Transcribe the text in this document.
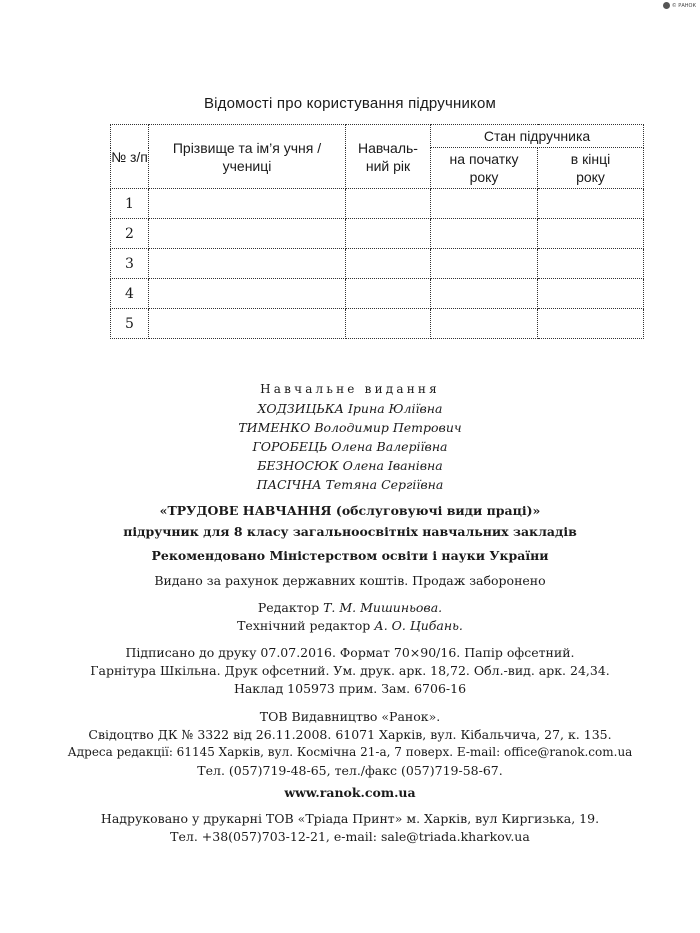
© РАНОК
Відомості про користування підручником
№ з/п	Прізвище та ім’я учня / учениці	Навчаль-ний рік	Стан підручника	
			на початку року	в кінці року
1				
2				
3				
4				
5				
Навчальне видання
ХОДЗИЦЬКА Ірина Юліївна
ТИМЕНКО Володимир Петрович
ГОРОБЕЦЬ Олена Валеріївна
БЕЗНОСЮК Олена Іванівна
ПАСІЧНА Тетяна Сергіївна
«ТРУДОВЕ НАВЧАННЯ (обслуговуючі види праці)»
підручник для 8 класу загальноосвітніх навчальних закладів
Рекомендовано Міністерством освіти і науки України
Видано за рахунок державних коштів. Продаж заборонено
Редактор Т. М. Мишиньова.
Технічний редактор А. О. Цибань.
Підписано до друку 07.07.2016. Формат 70×90/16. Папір офсетний.
Гарнітура Шкільна. Друк офсетний. Ум. друк. арк. 18,72. Обл.-вид. арк. 24,34.
Наклад 105973 прим. Зам. 6706-16
ТОВ Видавництво «Ранок».
Свідоцтво ДК № 3322 від 26.11.2008. 61071 Харків, вул. Кібальчича, 27, к. 135.
Адреса редакції: 61145 Харків, вул. Космічна 21-а, 7 поверх. E-mail: office@ranok.com.ua
Тел. (057)719-48-65, тел./факс (057)719-58-67.
www.ranok.com.ua
Надруковано у друкарні ТОВ «Тріада Принт» м. Харків, вул Киргизька, 19.
Тел. +38(057)703-12-21, e-mail: sale@triada.kharkov.ua
